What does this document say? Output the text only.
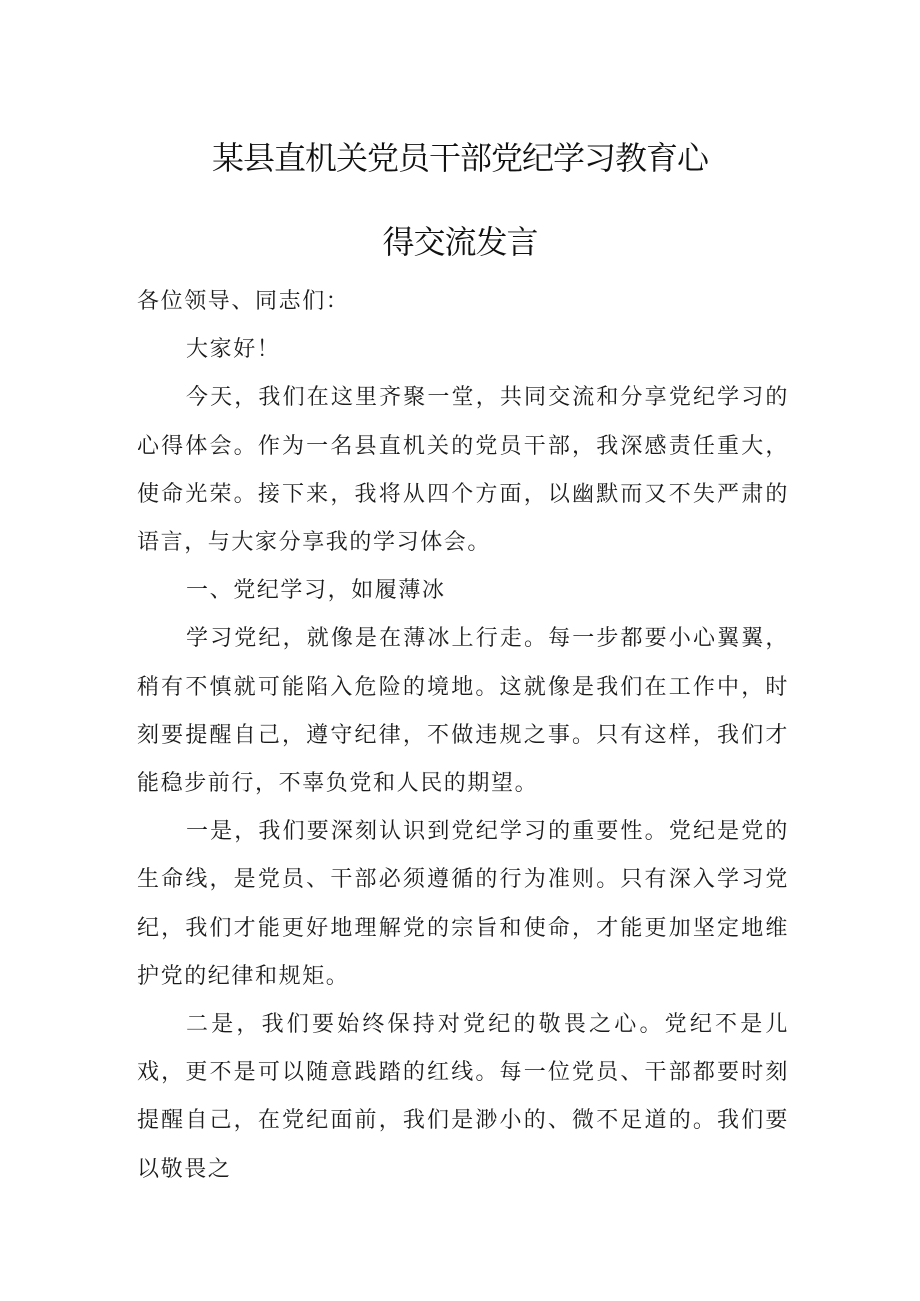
某县直机关党员干部党纪学习教育心
得交流发言

各位领导、同志们：

大家好！

今天，我们在这里齐聚一堂，共同交流和分享党纪学习的心得体会。作为一名县直机关的党员干部，我深感责任重大，使命光荣。接下来，我将从四个方面，以幽默而又不失严肃的语言，与大家分享我的学习体会。

一、党纪学习，如履薄冰

学习党纪，就像是在薄冰上行走。每一步都要小心翼翼，稍有不慎就可能陷入危险的境地。这就像是我们在工作中，时刻要提醒自己，遵守纪律，不做违规之事。只有这样，我们才能稳步前行，不辜负党和人民的期望。

一是，我们要深刻认识到党纪学习的重要性。党纪是党的生命线，是党员、干部必须遵循的行为准则。只有深入学习党纪，我们才能更好地理解党的宗旨和使命，才能更加坚定地维护党的纪律和规矩。

二是，我们要始终保持对党纪的敬畏之心。党纪不是儿戏，更不是可以随意践踏的红线。每一位党员、干部都要时刻提醒自己，在党纪面前，我们是渺小的、微不足道的。我们要以敬畏之
